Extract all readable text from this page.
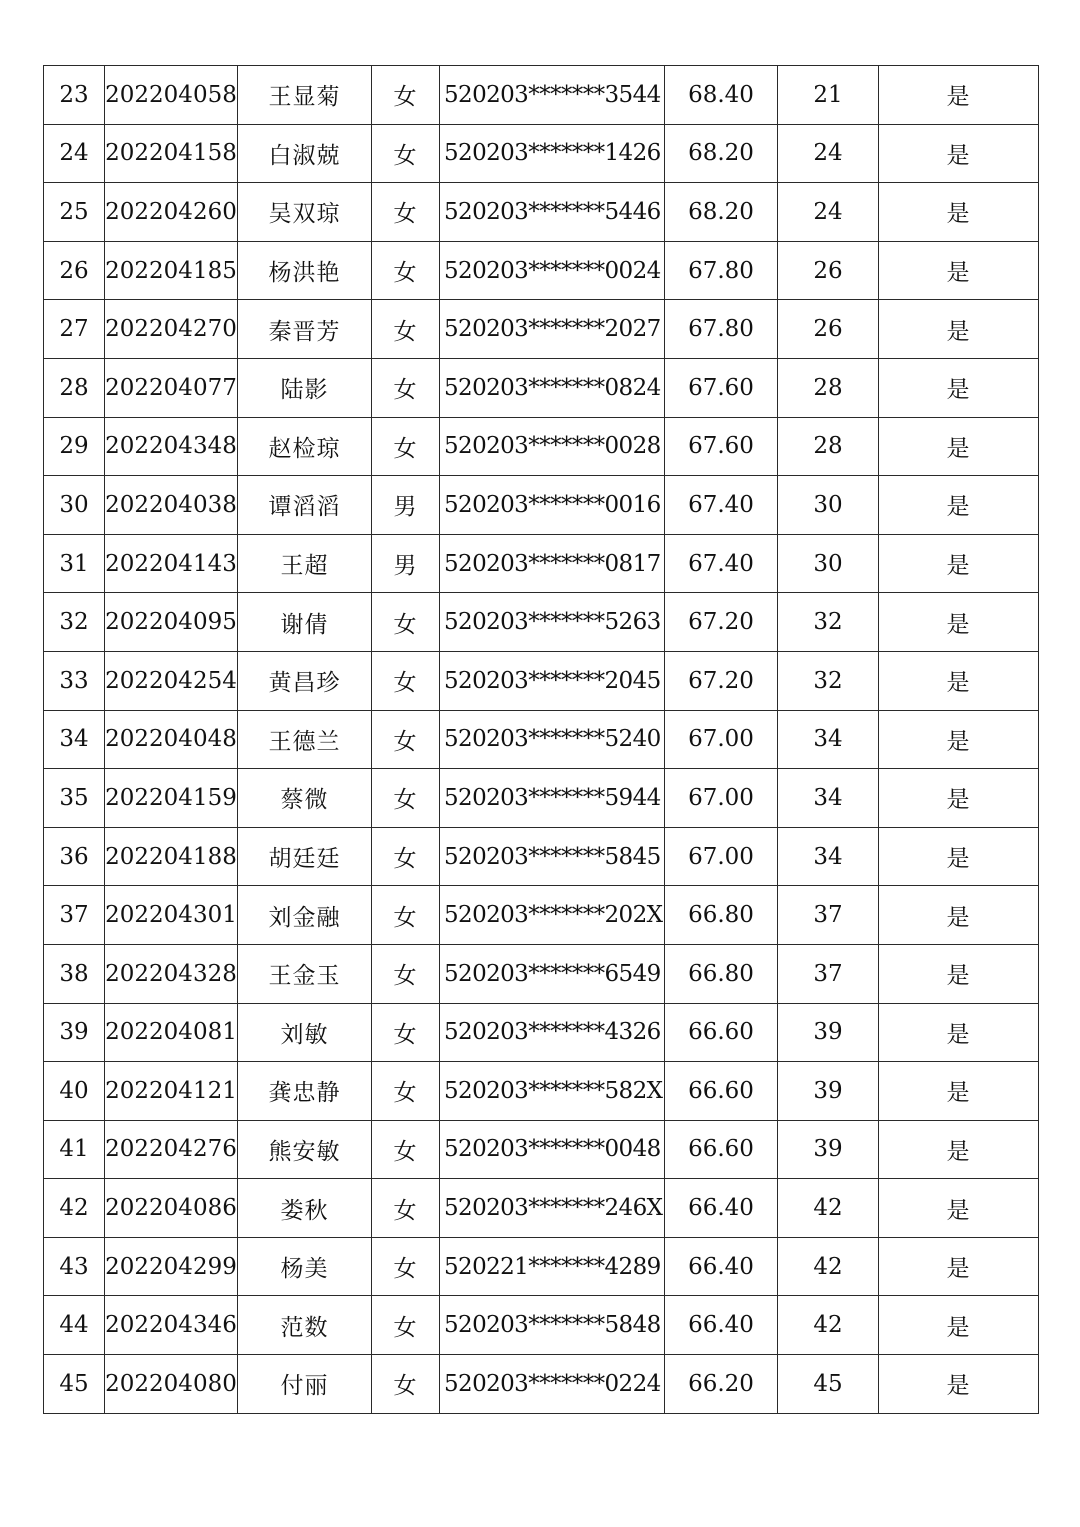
23	202204058	王显菊	女	520203*******3544	68.40	21	是
24	202204158	白淑兢	女	520203*******1426	68.20	24	是
25	202204260	吴双琼	女	520203*******5446	68.20	24	是
26	202204185	杨洪艳	女	520203*******0024	67.80	26	是
27	202204270	秦晋芳	女	520203*******2027	67.80	26	是
28	202204077	陆影	女	520203*******0824	67.60	28	是
29	202204348	赵检琼	女	520203*******0028	67.60	28	是
30	202204038	谭滔滔	男	520203*******0016	67.40	30	是
31	202204143	王超	男	520203*******0817	67.40	30	是
32	202204095	谢倩	女	520203*******5263	67.20	32	是
33	202204254	黄昌珍	女	520203*******2045	67.20	32	是
34	202204048	王德兰	女	520203*******5240	67.00	34	是
35	202204159	蔡微	女	520203*******5944	67.00	34	是
36	202204188	胡廷廷	女	520203*******5845	67.00	34	是
37	202204301	刘金融	女	520203*******202X	66.80	37	是
38	202204328	王金玉	女	520203*******6549	66.80	37	是
39	202204081	刘敏	女	520203*******4326	66.60	39	是
40	202204121	龚忠静	女	520203*******582X	66.60	39	是
41	202204276	熊安敏	女	520203*******0048	66.60	39	是
42	202204086	娄秋	女	520203*******246X	66.40	42	是
43	202204299	杨美	女	520221*******4289	66.40	42	是
44	202204346	范数	女	520203*******5848	66.40	42	是
45	202204080	付丽	女	520203*******0224	66.20	45	是
